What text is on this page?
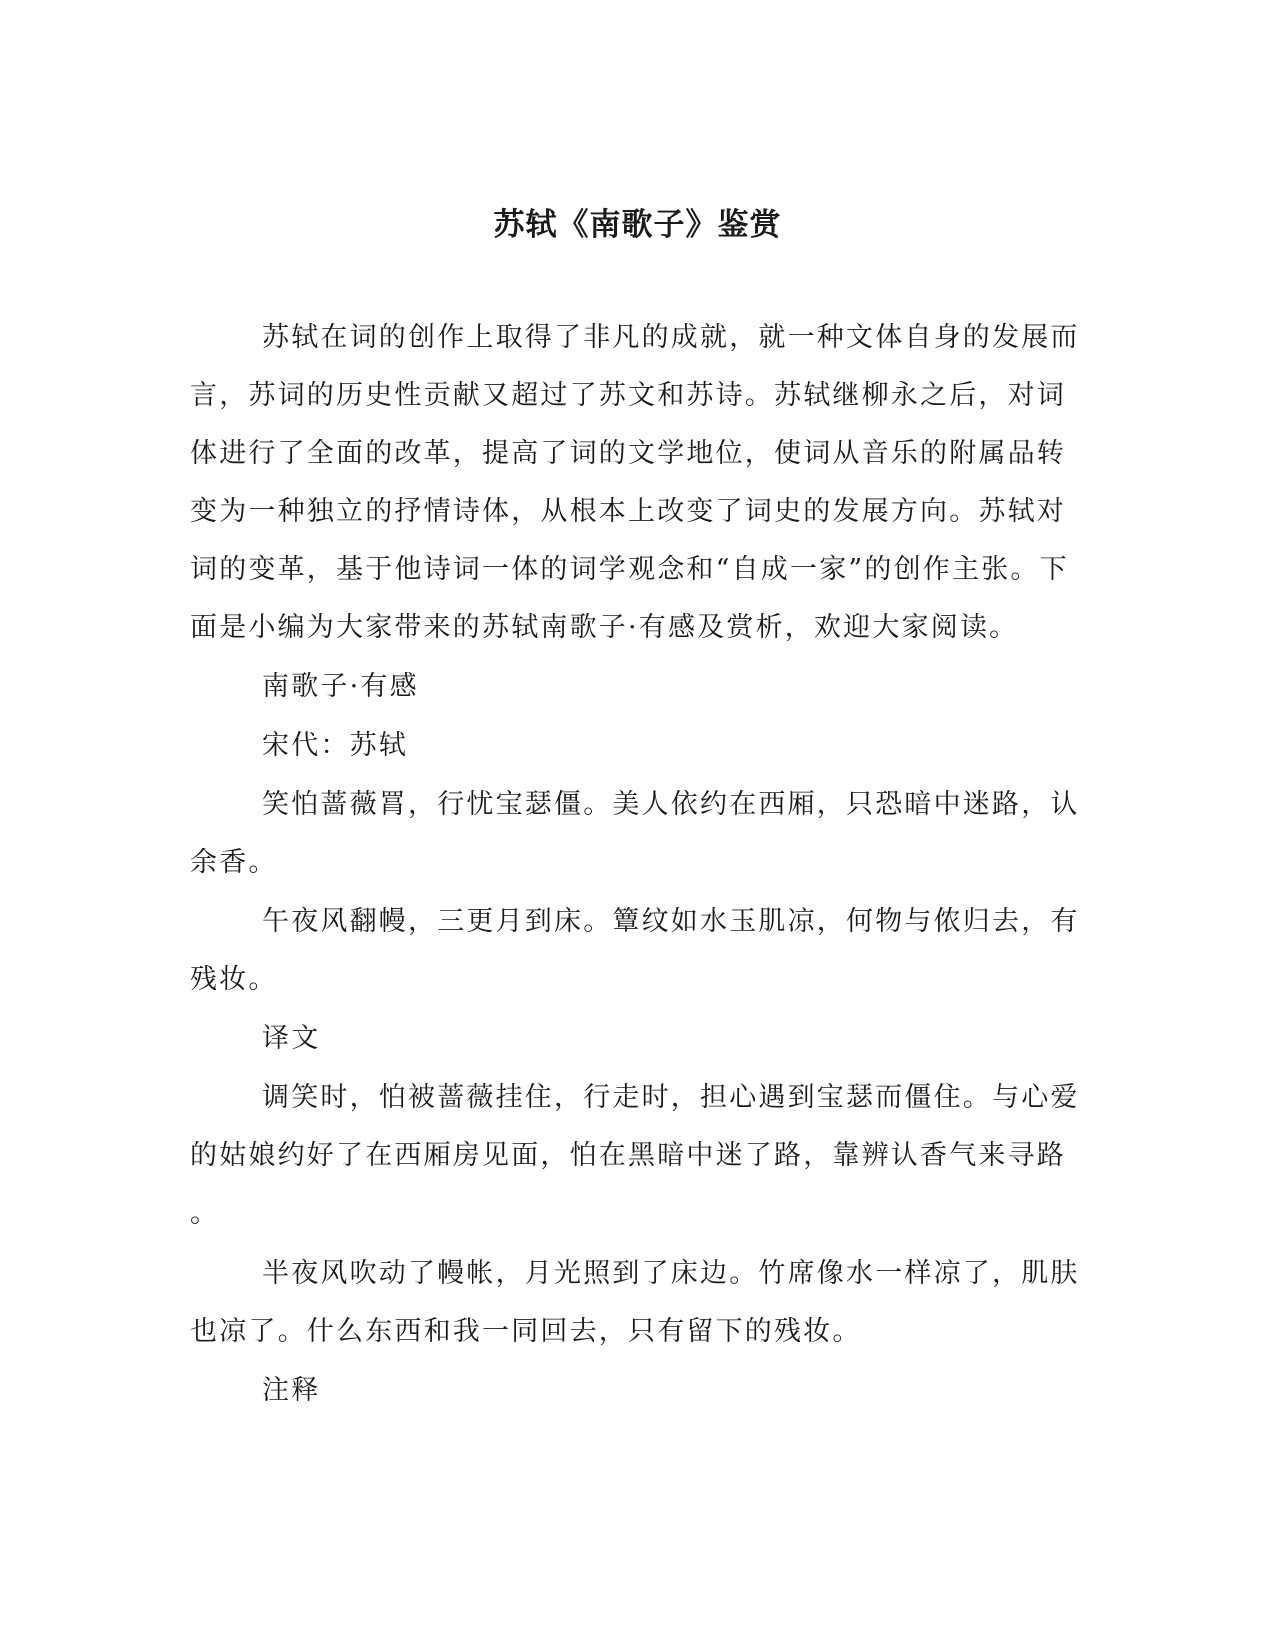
苏轼《南歌子》鉴赏

苏轼在词的创作上取得了非凡的成就，就一种文体自身的发展而

言，苏词的历史性贡献又超过了苏文和苏诗。苏轼继柳永之后，对词

体进行了全面的改革，提高了词的文学地位，使词从音乐的附属品转

变为一种独立的抒情诗体，从根本上改变了词史的发展方向。苏轼对

词的变革，基于他诗词一体的词学观念和“自成一家”的创作主张。下

面是小编为大家带来的苏轼南歌子·有感及赏析，欢迎大家阅读。

南歌子·有感

宋代：苏轼

笑怕蔷薇罥，行忧宝瑟僵。美人依约在西厢，只恐暗中迷路，认

余香。

午夜风翻幔，三更月到床。簟纹如水玉肌凉，何物与侬归去，有

残妆。

译文

调笑时，怕被蔷薇挂住，行走时，担心遇到宝瑟而僵住。与心爱

的姑娘约好了在西厢房见面，怕在黑暗中迷了路，靠辨认香气来寻路

。

半夜风吹动了幔帐，月光照到了床边。竹席像水一样凉了，肌肤

也凉了。什么东西和我一同回去，只有留下的残妆。

注释
